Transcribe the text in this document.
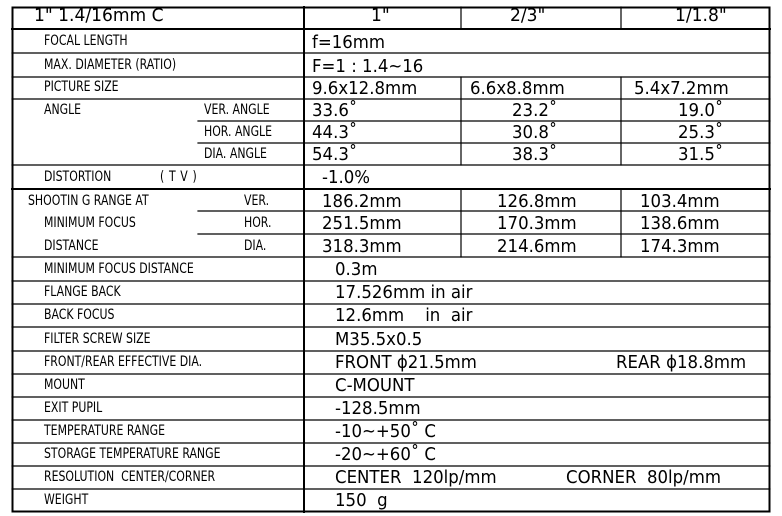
1" 1.4/16mm C	1"	2/3"	1/1.8"
FOCAL LENGTH	f=16mm
MAX. DIAMETER (RATIO)	F=1 : 1.4~16
PICTURE SIZE	9.6x12.8mm	6.6x8.8mm	5.4x7.2mm
ANGLE	VER. ANGLE 33.6˚	23.2˚	19.0˚
HOR. ANGLE 44.3˚	30.8˚	25.3˚
DIA. ANGLE	54.3˚	38.3˚	31.5˚
DISTORTION	(TV)	-1.0%
SHOOTIN G RANGE AT
MINIMUM FOCUS
DISTANCE
VER.	186.2mm	126.8mm	103.4mm
HOR.	251.5mm	170.3mm	138.6mm
DIA.	318.3mm	214.6mm	174.3mm
MINIMUM FOCUS DISTANCE	0.3m
FLANGE BACK	17.526mm in air
BACK FOCUS	12.6mm    in  air
FILTER SCREW SIZE	M35.5x0.5
FRONT/REAR EFFECTIVE DIA.	FRONT ϕ21.5mm	REAR ϕ18.8mm
MOUNT	C-MOUNT
EXIT PUPIL	-128.5mm
TEMPERATURE RANGE	-10~+50˚ C
STORAGE TEMPERATURE RANGE	-20~+60˚ C
RESOLUTION  CENTER/CORNER	CENTER  120lp/mm	CORNER  80lp/mm
WEIGHT	150  g
